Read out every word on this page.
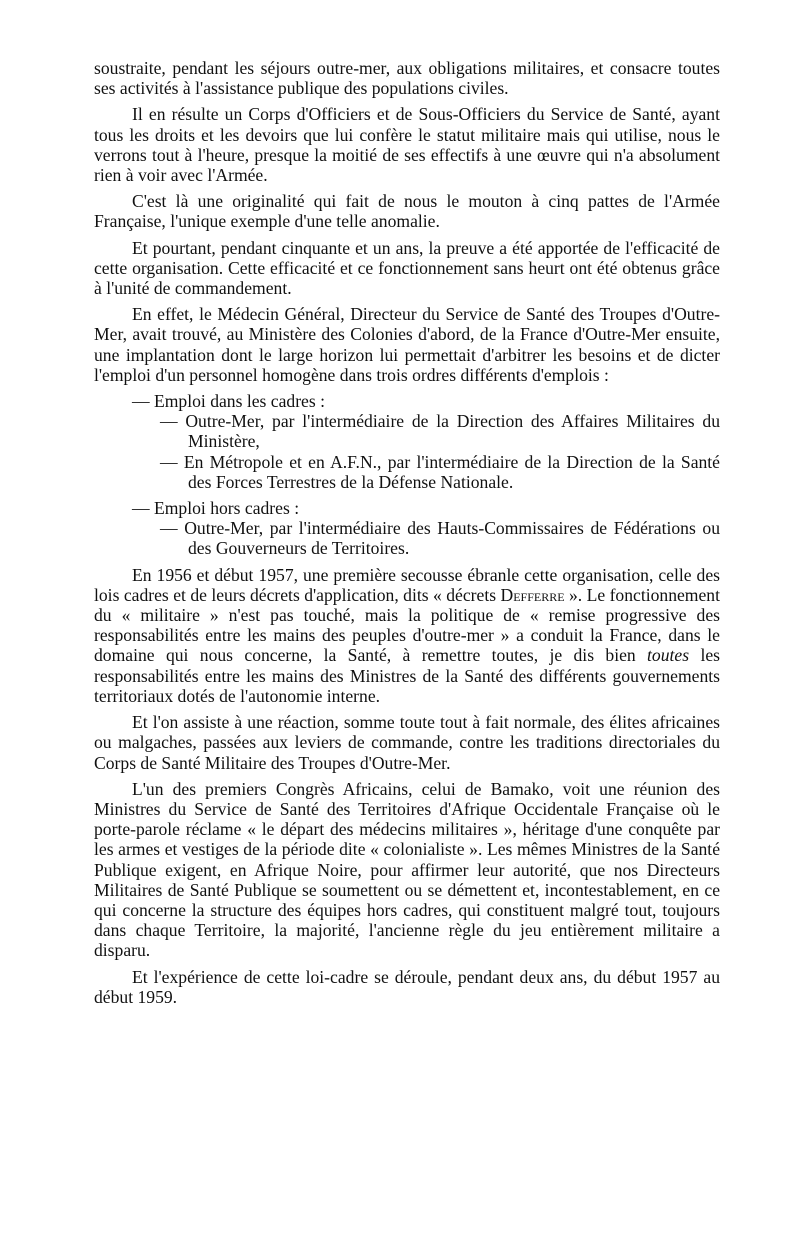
soustraite, pendant les séjours outre-mer, aux obligations militaires, et consacre toutes ses activités à l'assistance publique des populations civiles.

Il en résulte un Corps d'Officiers et de Sous-Officiers du Service de Santé, ayant tous les droits et les devoirs que lui confère le statut militaire mais qui utilise, nous le verrons tout à l'heure, presque la moitié de ses effectifs à une œuvre qui n'a absolument rien à voir avec l'Armée.

C'est là une originalité qui fait de nous le mouton à cinq pattes de l'Armée Française, l'unique exemple d'une telle anomalie.

Et pourtant, pendant cinquante et un ans, la preuve a été apportée de l'efficacité de cette organisation. Cette efficacité et ce fonctionnement sans heurt ont été obtenus grâce à l'unité de commandement.

En effet, le Médecin Général, Directeur du Service de Santé des Troupes d'Outre-Mer, avait trouvé, au Ministère des Colonies d'abord, de la France d'Outre-Mer ensuite, une implantation dont le large horizon lui permettait d'arbitrer les besoins et de dicter l'emploi d'un personnel homogène dans trois ordres différents d'emplois :

— Emploi dans les cadres :
— Outre-Mer, par l'intermédiaire de la Direction des Affaires Militaires du Ministère,
— En Métropole et en A.F.N., par l'intermédiaire de la Direction de la Santé des Forces Terrestres de la Défense Nationale.
— Emploi hors cadres :
— Outre-Mer, par l'intermédiaire des Hauts-Commissaires de Fédérations ou des Gouverneurs de Territoires.

En 1956 et début 1957, une première secousse ébranle cette organisation, celle des lois cadres et de leurs décrets d'application, dits « décrets Defferre ». Le fonctionnement du « militaire » n'est pas touché, mais la politique de « remise progressive des responsabilités entre les mains des peuples d'outre-mer » a conduit la France, dans le domaine qui nous concerne, la Santé, à remettre toutes, je dis bien toutes les responsabilités entre les mains des Ministres de la Santé des différents gouvernements territoriaux dotés de l'autonomie interne.

Et l'on assiste à une réaction, somme toute tout à fait normale, des élites africaines ou malgaches, passées aux leviers de commande, contre les traditions directoriales du Corps de Santé Militaire des Troupes d'Outre-Mer.

L'un des premiers Congrès Africains, celui de Bamako, voit une réunion des Ministres du Service de Santé des Territoires d'Afrique Occidentale Française où le porte-parole réclame « le départ des médecins militaires », héritage d'une conquête par les armes et vestiges de la période dite « colonialiste ». Les mêmes Ministres de la Santé Publique exigent, en Afrique Noire, pour affirmer leur autorité, que nos Directeurs Militaires de Santé Publique se soumettent ou se démettent et, incontestablement, en ce qui concerne la structure des équipes hors cadres, qui constituent malgré tout, toujours dans chaque Territoire, la majorité, l'ancienne règle du jeu entièrement militaire a disparu.

Et l'expérience de cette loi-cadre se déroule, pendant deux ans, du début 1957 au début 1959.
